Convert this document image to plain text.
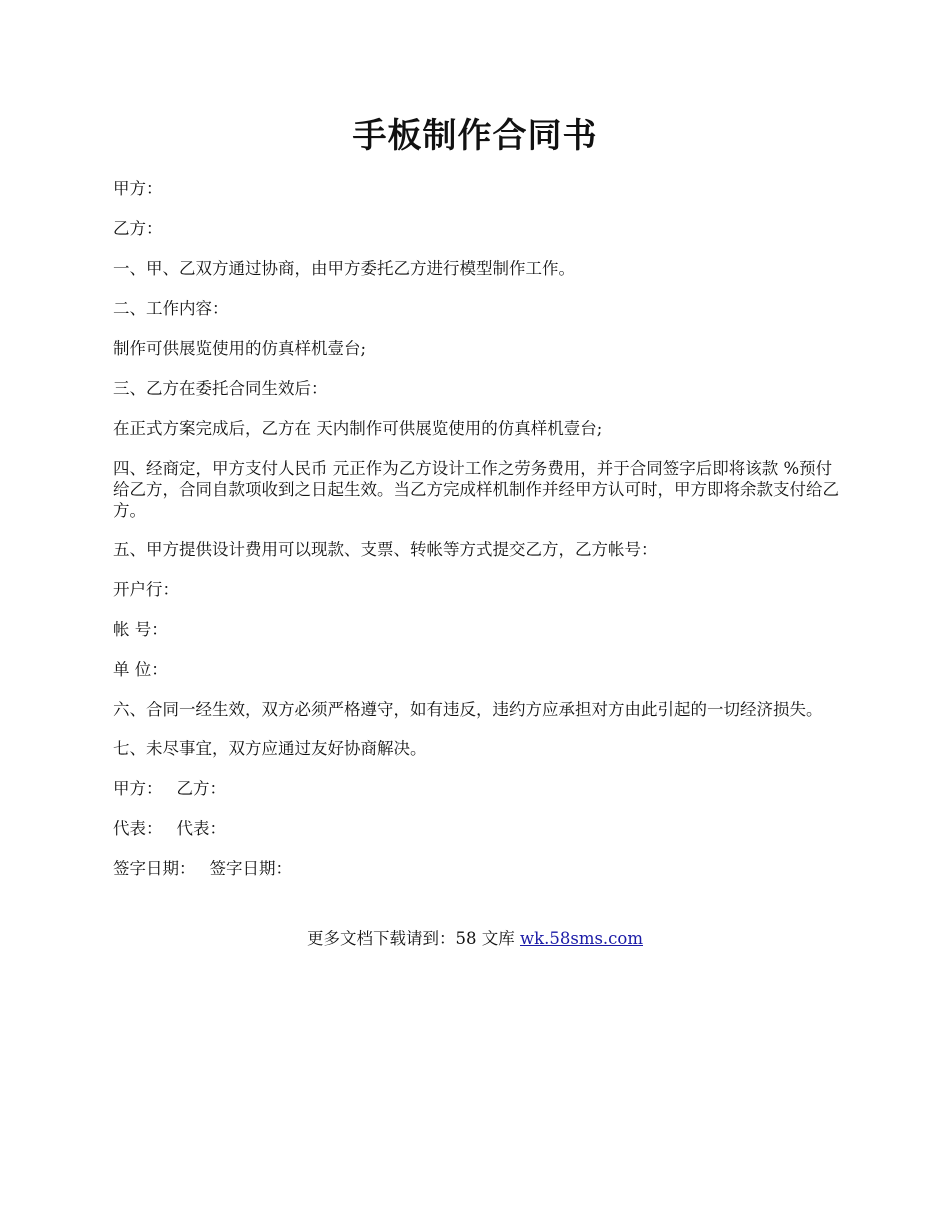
手板制作合同书

甲方：

乙方：

一、甲、乙双方通过协商，由甲方委托乙方进行模型制作工作。

二、工作内容：

制作可供展览使用的仿真样机壹台;

三、乙方在委托合同生效后：

在正式方案完成后，乙方在 天内制作可供展览使用的仿真样机壹台;

四、经商定，甲方支付人民币 元正作为乙方设计工作之劳务费用，并于合同签字后即将该款 %预付给乙方，合同自款项收到之日起生效。当乙方完成样机制作并经甲方认可时，甲方即将余款支付给乙方。

五、甲方提供设计费用可以现款、支票、转帐等方式提交乙方，乙方帐号：

开户行：

帐 号：

单 位：

六、合同一经生效，双方必须严格遵守，如有违反，违约方应承担对方由此引起的一切经济损失。

七、未尽事宜，双方应通过友好协商解决。

甲方： 乙方：

代表： 代表：

签字日期： 签字日期：

更多文档下载请到：58 文库 wk.58sms.com
